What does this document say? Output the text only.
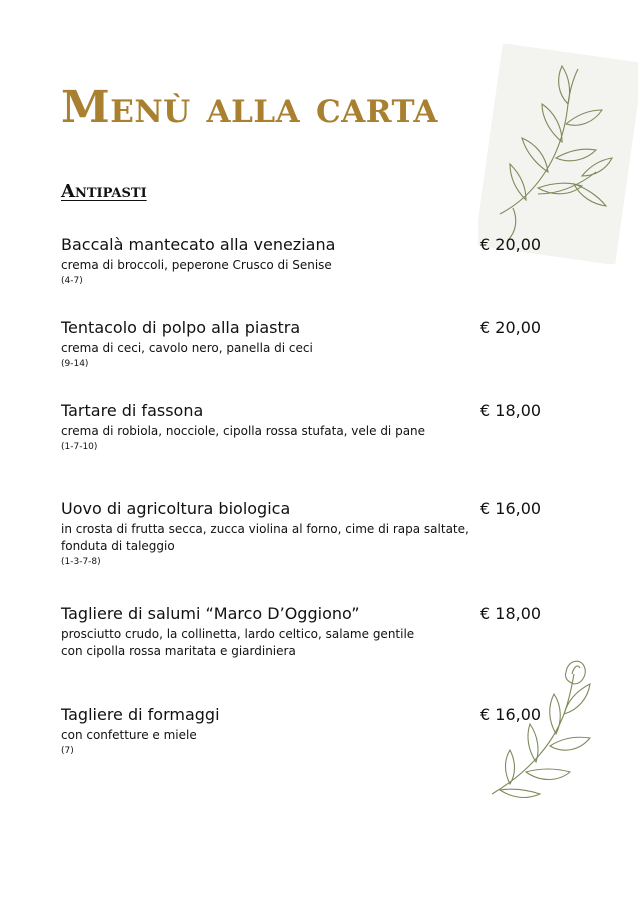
Menù alla carta
Antipasti
Baccalà mantecato alla veneziana	€ 20,00
crema di broccoli, peperone Crusco di Senise
(4-7)
Tentacolo di polpo alla piastra	€ 20,00
crema di ceci, cavolo nero, panella di ceci
(9-14)
Tartare di fassona	€ 18,00
crema di robiola, nocciole, cipolla rossa stufata, vele di pane
(1-7-10)
Uovo di agricoltura biologica	€ 16,00
in crosta di frutta secca, zucca violina al forno, cime di rapa saltate,
fonduta di taleggio
(1-3-7-8)
Tagliere di salumi “Marco D’Oggiono”	€ 18,00
prosciutto crudo, la collinetta, lardo celtico, salame gentile
con cipolla rossa maritata e giardiniera
Tagliere di formaggi	€ 16,00
con confetture e miele
(7)
